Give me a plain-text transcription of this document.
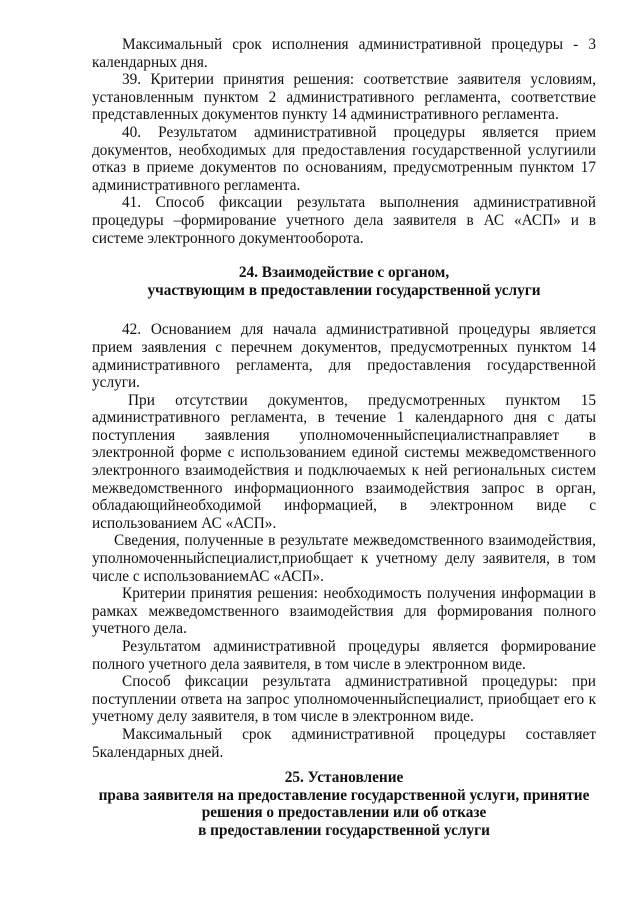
Максимальный срок исполнения административной процедуры - 3 календарных дня.

39. Критерии принятия решения: соответствие заявителя условиям, установленным пунктом 2 административного регламента, соответствие представленных документов пункту 14 административного регламента.

40. Результатом административной процедуры является прием документов, необходимых для предоставления государственной услугиили отказ в приеме документов по основаниям, предусмотренным пунктом 17 административного регламента.

41. Способ фиксации результата выполнения административной процедуры –формирование учетного дела заявителя в АС «АСП» и в системе электронного документооборота.

24. Взаимодействие с органом,
участвующим в предоставлении государственной услуги

42. Основанием для начала административной процедуры является прием заявления с перечнем документов, предусмотренных пунктом 14 административного регламента, для предоставления государственной услуги.

При отсутствии документов, предусмотренных пунктом 15 административного регламента, в течение 1 календарного дня с даты поступления заявления уполномоченныйспециалистнаправляет в электронной форме с использованием единой системы межведомственного электронного взаимодействия и подключаемых к ней региональных систем межведомственного информационного взаимодействия запрос в орган, обладающийнеобходимой информацией, в электронном виде с использованием АС «АСП».

Сведения, полученные в результате межведомственного взаимодействия, уполномоченныйспециалист,приобщает к учетному делу заявителя, в том числе с использованиемАС «АСП».

Критерии принятия решения: необходимость получения информации в рамках межведомственного взаимодействия для формирования полного учетного дела.

Результатом административной процедуры является формирование полного учетного дела заявителя, в том числе в электронном виде.

Способ фиксации результата административной процедуры: при поступлении ответа на запрос уполномоченныйспециалист, приобщает его к учетному делу заявителя, в том числе в электронном виде.

Максимальный срок административной процедуры составляет 5календарных дней.

25. Установление
права заявителя на предоставление государственной услуги, принятие
решения о предоставлении или об отказе
в предоставлении государственной услуги
